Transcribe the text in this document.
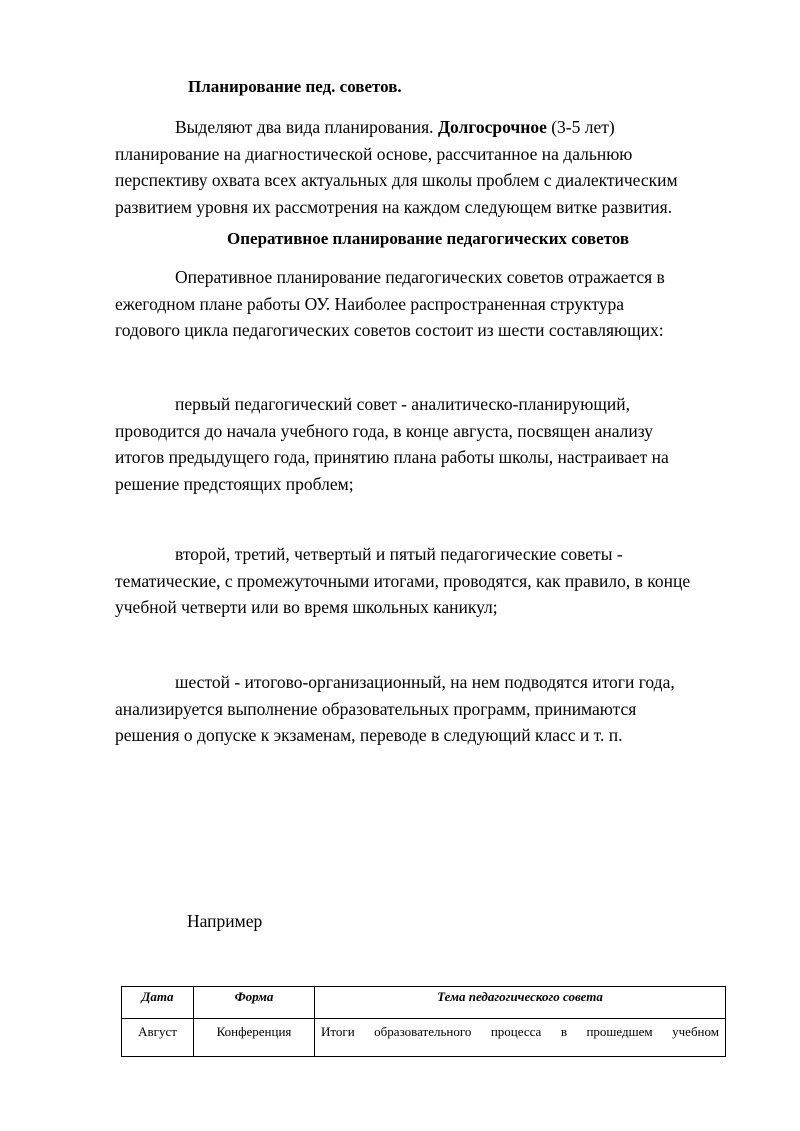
Планирование пед. советов.
Выделяют два вида планирования. Долгосрочное (3-5 лет)
планирование на диагностической основе, рассчитанное на дальнюю
перспективу охвата всех актуальных для школы проблем с диалектическим
развитием уровня их рассмотрения на каждом следующем витке развития.
Оперативное планирование педагогических советов
Оперативное планирование педагогических советов отражается в
ежегодном плане работы ОУ. Наиболее распространенная структура
годового цикла педагогических советов состоит из шести составляющих:
первый педагогический совет - аналитическо-планирующий,
проводится до начала учебного года, в конце августа, посвящен анализу
итогов предыдущего года, принятию плана работы школы, настраивает на
решение предстоящих проблем;
второй, третий, четвертый и пятый педагогические советы -
тематические, с промежуточными итогами, проводятся, как правило, в конце
учебной четверти или во время школьных каникул;
шестой - итогово-организационный, на нем подводятся итоги года,
анализируется выполнение образовательных программ, принимаются
решения о допуске к экзаменам, переводе в следующий класс и т. п.
Например
Дата	Форма	Тема педагогического совета
Август	Конференция	Итоги образовательного процесса в прошедшем учебном
